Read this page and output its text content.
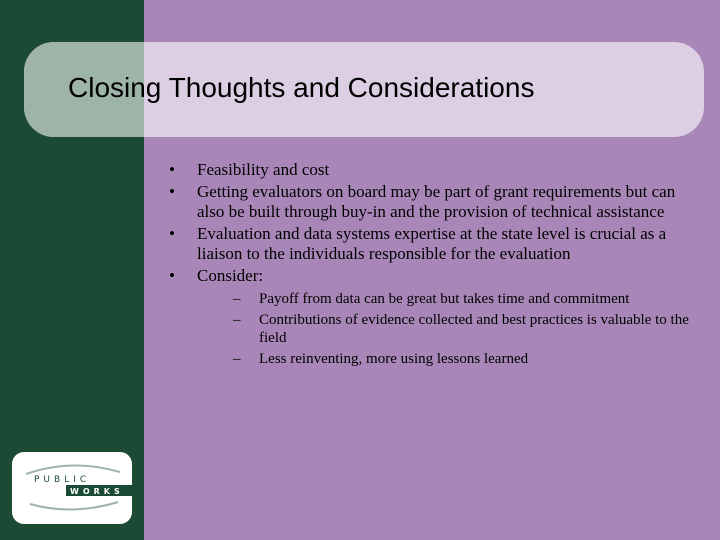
Closing Thoughts and Considerations
• Feasibility and cost
• Getting evaluators on board may be part of grant requirements but can also be built through buy-in and the provision of technical assistance
• Evaluation and data systems expertise at the state level is crucial as a liaison to the individuals responsible for the evaluation
• Consider:
– Payoff from data can be great but takes time and commitment
– Contributions of evidence collected and best practices is valuable to the field
– Less reinventing, more using lessons learned
PUBLIC
WORKS
